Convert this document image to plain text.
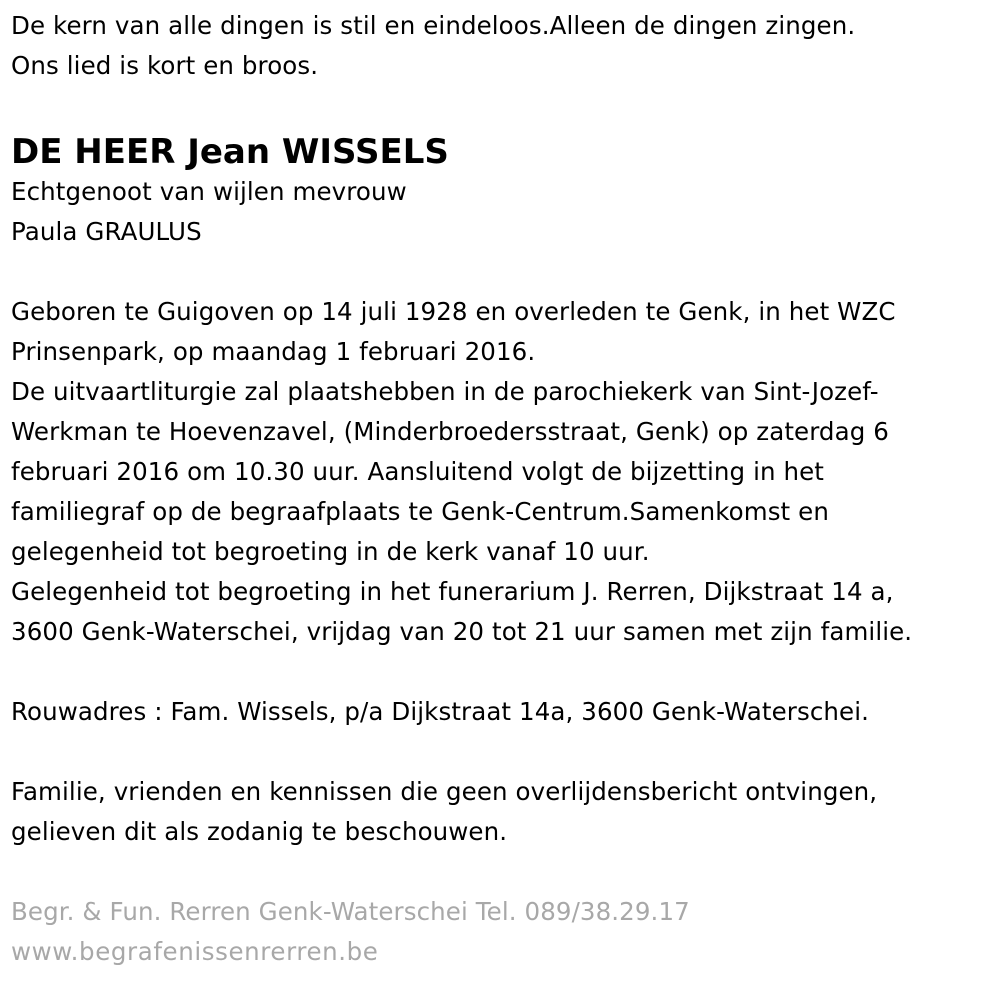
De kern van alle dingen is stil en eindeloos.Alleen de dingen zingen.

Ons lied is kort en broos.

DE HEER Jean WISSELS

Echtgenoot van wijlen mevrouw

Paula GRAULUS

Geboren te Guigoven op 14 juli 1928 en overleden te Genk, in het WZC

Prinsenpark, op maandag 1 februari 2016.

De uitvaartliturgie zal plaatshebben in de parochiekerk van Sint-Jozef-

Werkman te Hoevenzavel, (Minderbroedersstraat, Genk) op zaterdag 6

februari 2016 om 10.30 uur. Aansluitend volgt de bijzetting in het

familiegraf op de begraafplaats te Genk-Centrum.Samenkomst en

gelegenheid tot begroeting in de kerk vanaf 10 uur.

Gelegenheid tot begroeting in het funerarium J. Rerren, Dijkstraat 14 a,

3600 Genk-Waterschei, vrijdag van 20 tot 21 uur samen met zijn familie.

Rouwadres : Fam. Wissels, p/a Dijkstraat 14a, 3600 Genk-Waterschei.

Familie, vrienden en kennissen die geen overlijdensbericht ontvingen,

gelieven dit als zodanig te beschouwen.

Begr. & Fun. Rerren Genk-Waterschei Tel. 089/38.29.17

www.begrafenissenrerren.be
